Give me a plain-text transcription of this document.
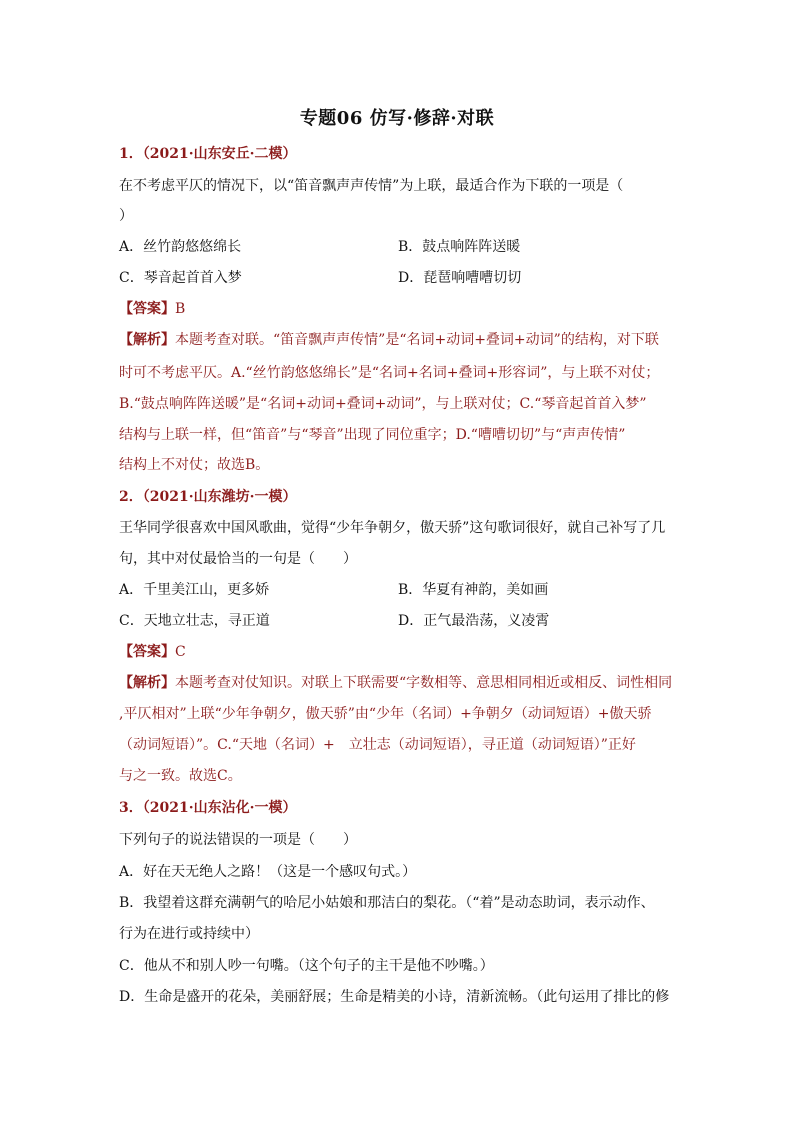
专题06 仿写·修辞·对联
1．（2021·山东安丘·二模）
在不考虑平仄的情况下，以“笛音飘声声传情”为上联，最适合作为下联的一项是（
）
A．丝竹韵悠悠绵长	B．鼓点响阵阵送暖
C．琴音起首首入梦	D．琵琶响嘈嘈切切
【答案】B
【解析】本题考查对联。“笛音飘声声传情”是“名词+动词+叠词+动词”的结构，对下联
时可不考虑平仄。A.“丝竹韵悠悠绵长”是“名词+名词+叠词+形容词”，与上联不对仗；
B.“鼓点响阵阵送暖”是“名词+动词+叠词+动词”，与上联对仗；C.“琴音起首首入梦”
结构与上联一样，但“笛音”与“琴音”出现了同位重字；D.“嘈嘈切切”与“声声传情”
结构上不对仗；故选B。
2．（2021·山东潍坊·一模）
王华同学很喜欢中国风歌曲，觉得“少年争朝夕，傲天骄”这句歌词很好，就自己补写了几
句，其中对仗最恰当的一句是（　　）
A．千里美江山，更多娇	B．华夏有神韵，美如画
C．天地立壮志，寻正道	D．正气最浩荡，义凌霄
【答案】C
【解析】本题考查对仗知识。对联上下联需要“字数相等、意思相同相近或相反、词性相同
,平仄相对”上联“少年争朝夕，傲天骄”由“少年（名词）+争朝夕（动词短语）+傲天骄
（动词短语）”。C.“天地（名词）+　立壮志（动词短语），寻正道（动词短语）”正好
与之一致。故选C。
3．（2021·山东沾化·一模）
下列句子的说法错误的一项是（　　）
A．好在天无绝人之路！（这是一个感叹句式。）
B．我望着这群充满朝气的哈尼小姑娘和那洁白的梨花。（“着”是动态助词，表示动作、
行为在进行或持续中）
C．他从不和别人吵一句嘴。（这个句子的主干是他不吵嘴。）
D．生命是盛开的花朵，美丽舒展；生命是精美的小诗，清新流畅。（此句运用了排比的修
